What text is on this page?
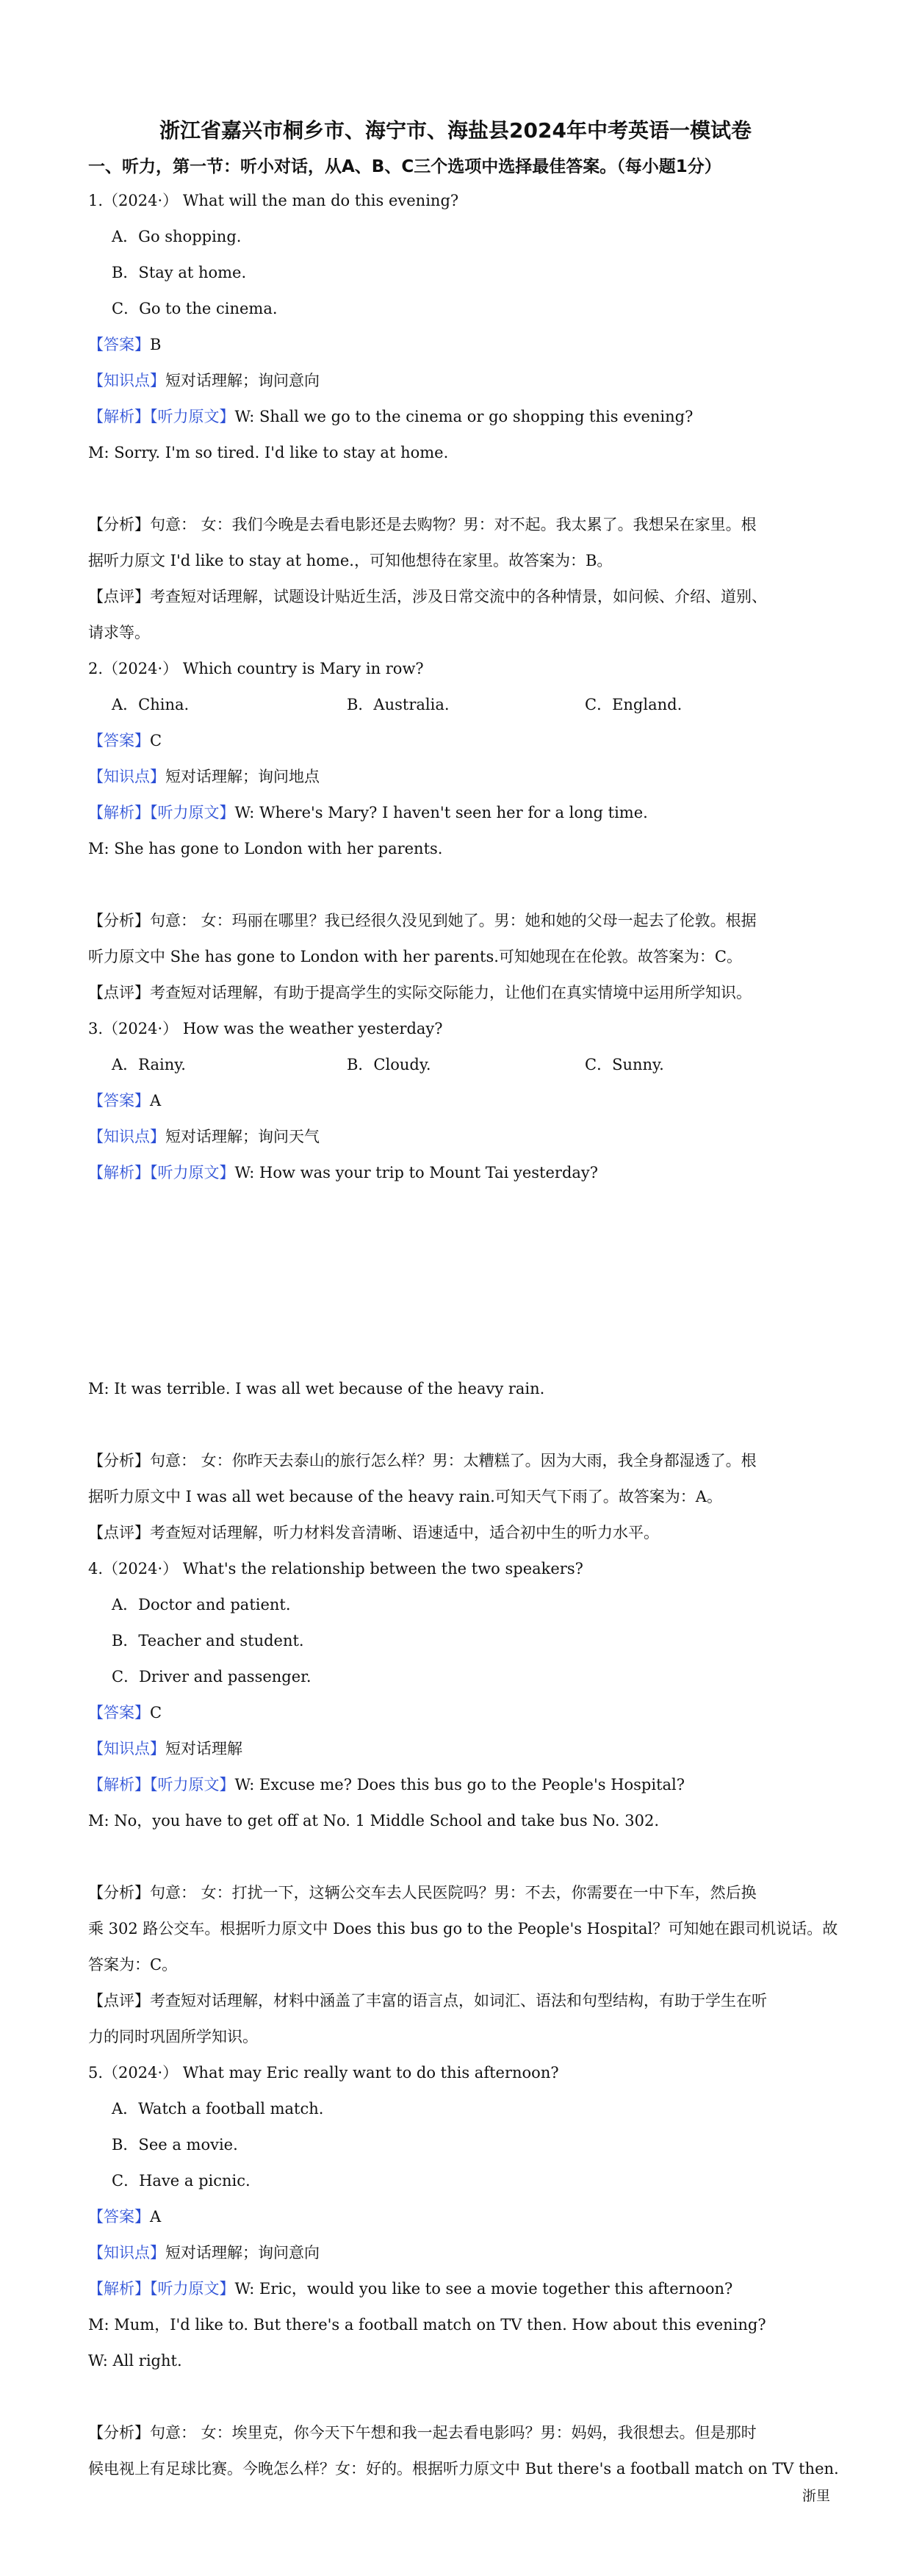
浙江省嘉兴市桐乡市、海宁市、海盐县2024年中考英语一模试卷
一、听力，第一节：听小对话，从A、B、C三个选项中选择最佳答案。（每小题1分）
1.（2024·） What will the man do this evening?
A．Go shopping.
B．Stay at home.
C．Go to the cinema.
【答案】B
【知识点】短对话理解；询问意向
【解析】【听力原文】W: Shall we go to the cinema or go shopping this evening?
M: Sorry. I'm so tired. I'd like to stay at home.
【分析】句意： 女：我们今晚是去看电影还是去购物？男：对不起。我太累了。我想呆在家里。根
据听力原文 I'd like to stay at home.，可知他想待在家里。故答案为：B。
【点评】考查短对话理解，试题设计贴近生活，涉及日常交流中的各种情景，如问候、介绍、道别、
请求等。
2.（2024·） Which country is Mary in row?
A．China.	B．Australia.	C．England.
【答案】C
【知识点】短对话理解；询问地点
【解析】【听力原文】W: Where's Mary? I haven't seen her for a long time.
M: She has gone to London with her parents.
【分析】句意： 女：玛丽在哪里？我已经很久没见到她了。男：她和她的父母一起去了伦敦。根据
听力原文中 She has gone to London with her parents.可知她现在在伦敦。故答案为：C。
【点评】考查短对话理解，有助于提高学生的实际交际能力，让他们在真实情境中运用所学知识。
3.（2024·） How was the weather yesterday?
A．Rainy.	B．Cloudy.	C．Sunny.
【答案】A
【知识点】短对话理解；询问天气
【解析】【听力原文】W: How was your trip to Mount Tai yesterday?
M: It was terrible. I was all wet because of the heavy rain.
【分析】句意： 女：你昨天去泰山的旅行怎么样？男：太糟糕了。因为大雨，我全身都湿透了。根
据听力原文中 I was all wet because of the heavy rain.可知天气下雨了。故答案为：A。
【点评】考查短对话理解，听力材料发音清晰、语速适中，适合初中生的听力水平。
4.（2024·） What's the relationship between the two speakers?
A．Doctor and patient.
B．Teacher and student.
C．Driver and passenger.
【答案】C
【知识点】短对话理解
【解析】【听力原文】W: Excuse me? Does this bus go to the People's Hospital?
M: No，you have to get off at No. 1 Middle School and take bus No. 302.
【分析】句意： 女：打扰一下，这辆公交车去人民医院吗？男：不去，你需要在一中下车，然后换
乘 302 路公交车。根据听力原文中 Does this bus go to the People's Hospital？可知她在跟司机说话。故
答案为：C。
【点评】考查短对话理解，材料中涵盖了丰富的语言点，如词汇、语法和句型结构，有助于学生在听
力的同时巩固所学知识。
5.（2024·） What may Eric really want to do this afternoon?
A．Watch a football match.
B．See a movie.
C．Have a picnic.
【答案】A
【知识点】短对话理解；询问意向
【解析】【听力原文】W: Eric，would you like to see a movie together this afternoon?
M: Mum，I'd like to. But there's a football match on TV then. How about this evening?
W: All right.
【分析】句意： 女：埃里克，你今天下午想和我一起去看电影吗？男：妈妈，我很想去。但是那时
候电视上有足球比赛。今晚怎么样？女：好的。根据听力原文中 But there's a football match on TV then.
浙里
